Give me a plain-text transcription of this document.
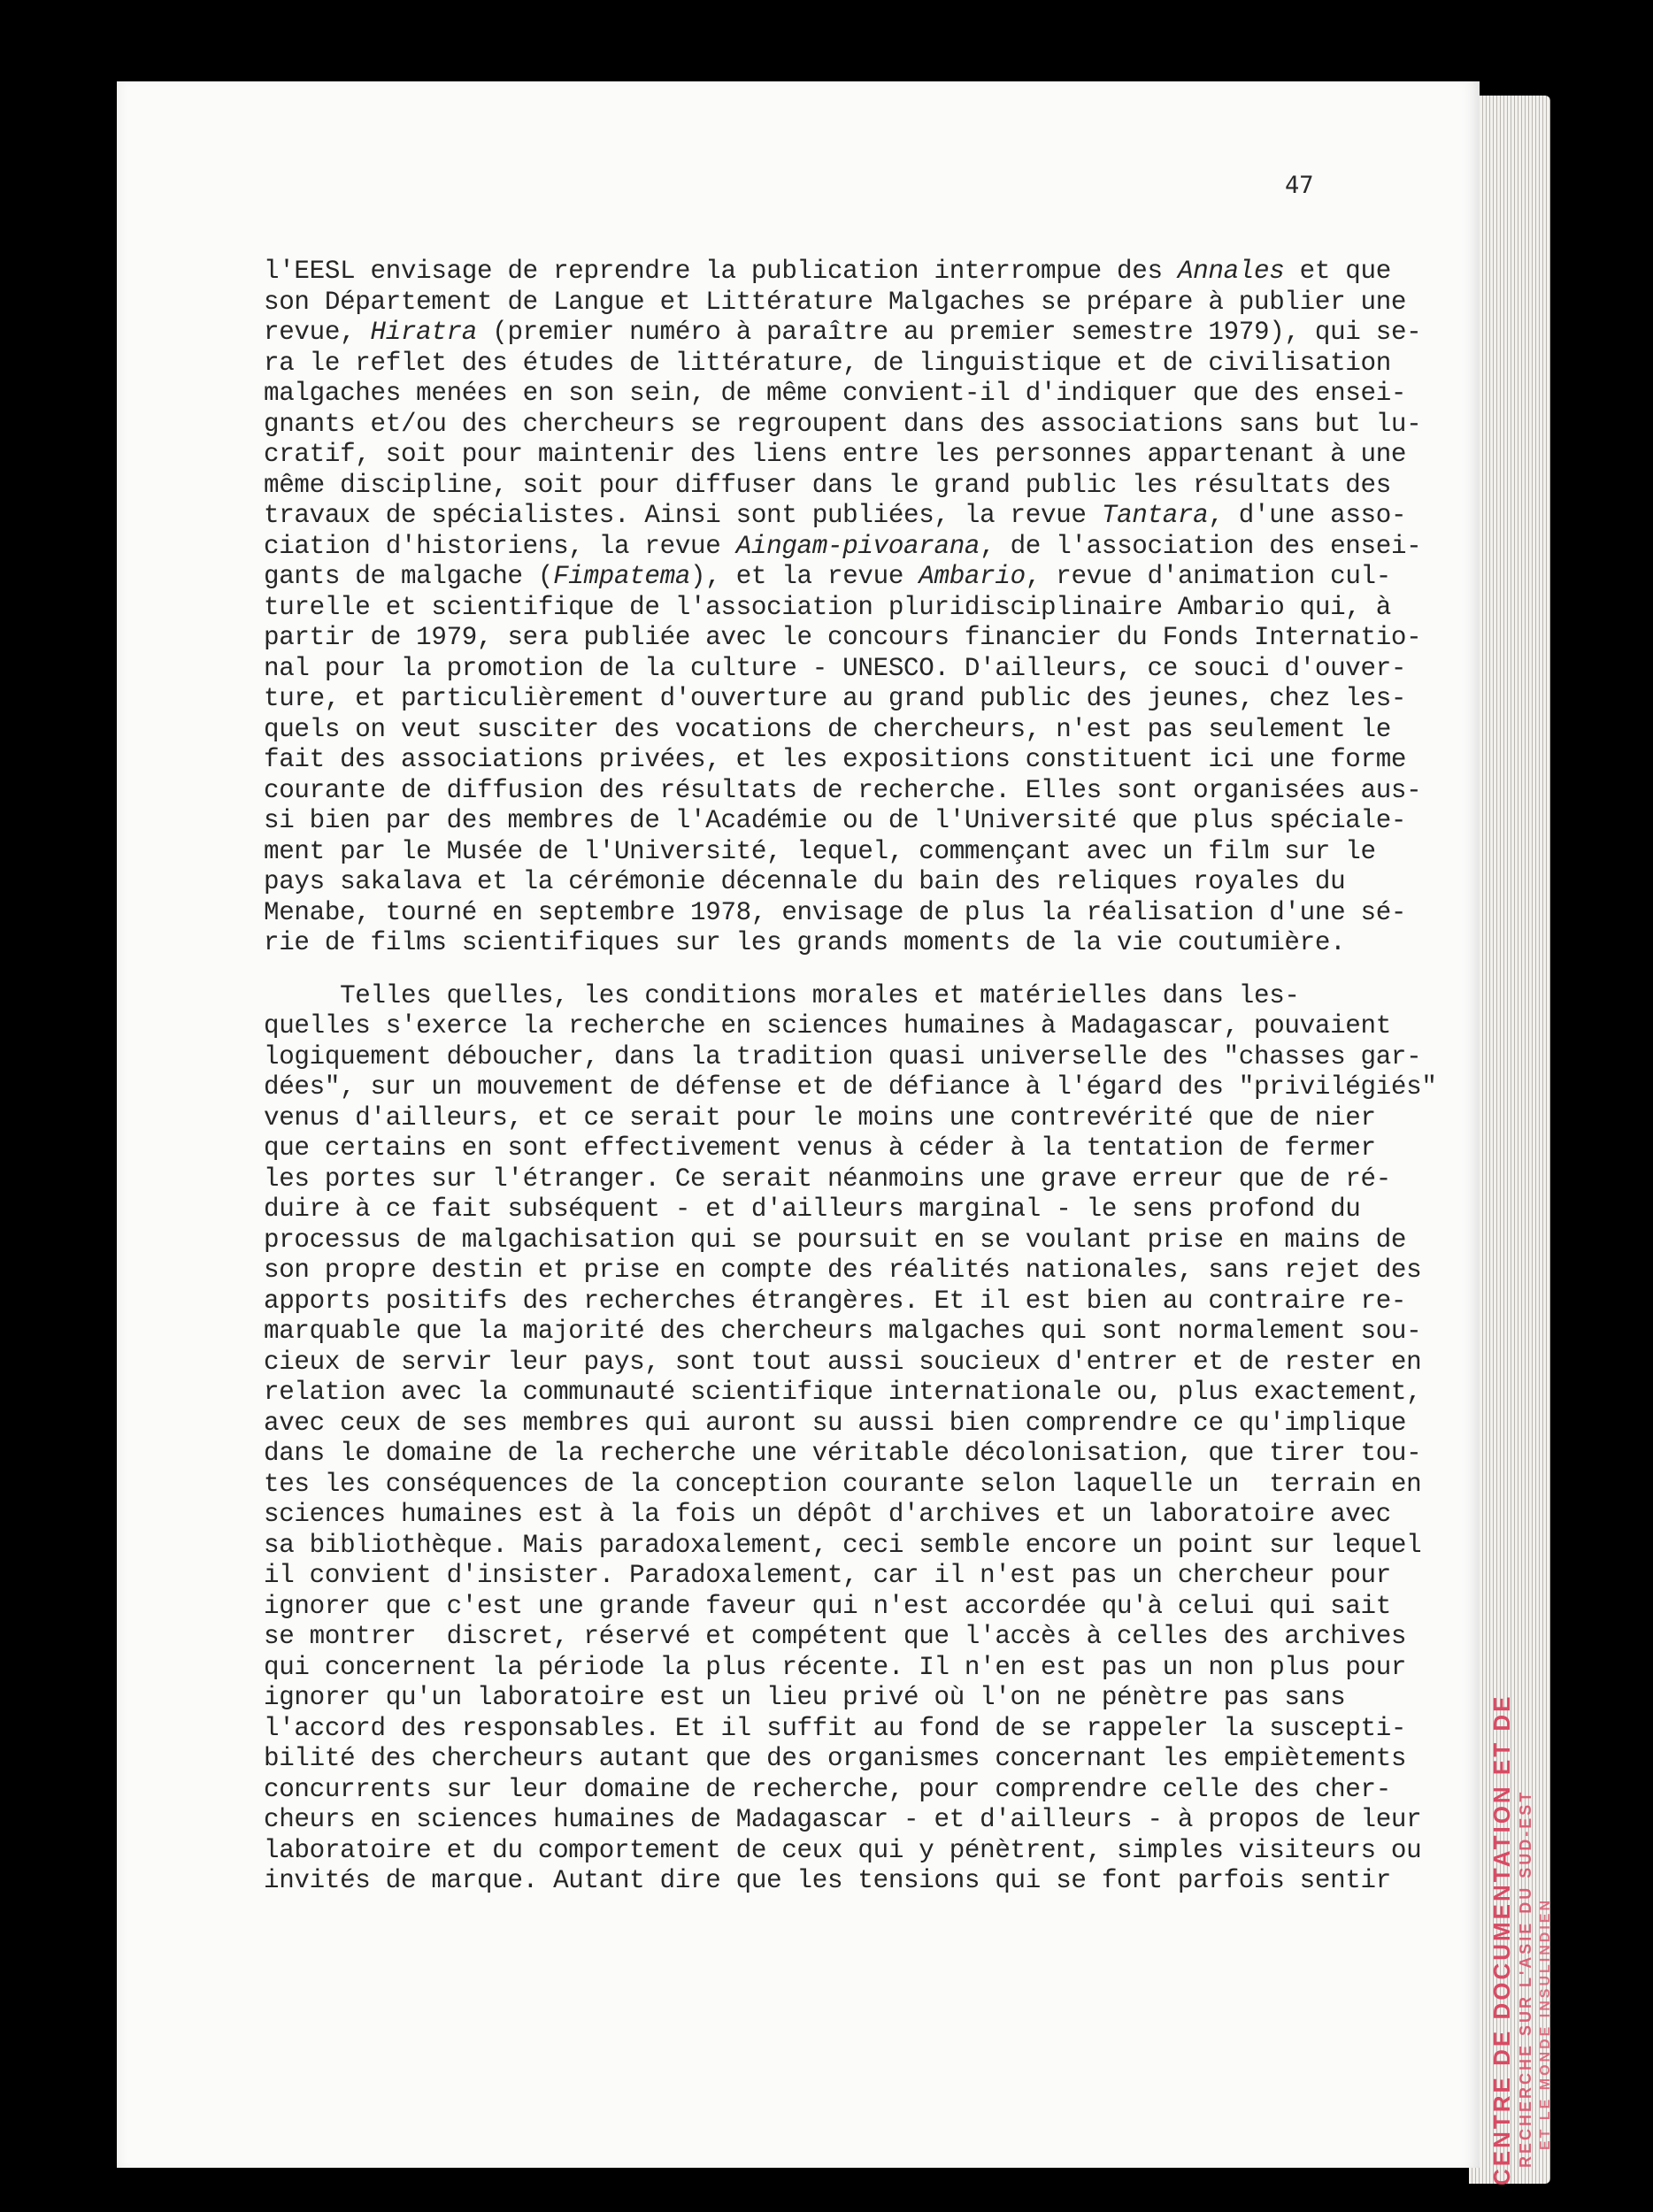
CENTRE DE DOCUMENTATION ET DE RECHERCHE SUR L'ASIE DU SUD-EST ET LE MONDE INSULINDIEN
47
l'EESL envisage de reprendre la publication interrompue des Annales et que
son Département de Langue et Littérature Malgaches se prépare à publier une
revue, Hiratra (premier numéro à paraître au premier semestre 1979), qui se-
ra le reflet des études de littérature, de linguistique et de civilisation
malgaches menées en son sein, de même convient-il d'indiquer que des ensei-
gnants et/ou des chercheurs se regroupent dans des associations sans but lu-
cratif, soit pour maintenir des liens entre les personnes appartenant à une
même discipline, soit pour diffuser dans le grand public les résultats des
travaux de spécialistes. Ainsi sont publiées, la revue Tantara, d'une asso-
ciation d'historiens, la revue Aingam-pivoarana, de l'association des ensei-
gants de malgache (Fimpatema), et la revue Ambario, revue d'animation cul-
turelle et scientifique de l'association pluridisciplinaire Ambario qui, à
partir de 1979, sera publiée avec le concours financier du Fonds Internatio-
nal pour la promotion de la culture - UNESCO. D'ailleurs, ce souci d'ouver-
ture, et particulièrement d'ouverture au grand public des jeunes, chez les-
quels on veut susciter des vocations de chercheurs, n'est pas seulement le
fait des associations privées, et les expositions constituent ici une forme
courante de diffusion des résultats de recherche. Elles sont organisées aus-
si bien par des membres de l'Académie ou de l'Université que plus spéciale-
ment par le Musée de l'Université, lequel, commençant avec un film sur le
pays sakalava et la cérémonie décennale du bain des reliques royales du
Menabe, tourné en septembre 1978, envisage de plus la réalisation d'une sé-
rie de films scientifiques sur les grands moments de la vie coutumière.
Telles quelles, les conditions morales et matérielles dans les-
quelles s'exerce la recherche en sciences humaines à Madagascar, pouvaient
logiquement déboucher, dans la tradition quasi universelle des "chasses gar-
dées", sur un mouvement de défense et de défiance à l'égard des "privilégiés"
venus d'ailleurs, et ce serait pour le moins une contrevérité que de nier
que certains en sont effectivement venus à céder à la tentation de fermer
les portes sur l'étranger. Ce serait néanmoins une grave erreur que de ré-
duire à ce fait subséquent - et d'ailleurs marginal - le sens profond du
processus de malgachisation qui se poursuit en se voulant prise en mains de
son propre destin et prise en compte des réalités nationales, sans rejet des
apports positifs des recherches étrangères. Et il est bien au contraire re-
marquable que la majorité des chercheurs malgaches qui sont normalement sou-
cieux de servir leur pays, sont tout aussi soucieux d'entrer et de rester en
relation avec la communauté scientifique internationale ou, plus exactement,
avec ceux de ses membres qui auront su aussi bien comprendre ce qu'implique
dans le domaine de la recherche une véritable décolonisation, que tirer tou-
tes les conséquences de la conception courante selon laquelle un  terrain en
sciences humaines est à la fois un dépôt d'archives et un laboratoire avec
sa bibliothèque. Mais paradoxalement, ceci semble encore un point sur lequel
il convient d'insister. Paradoxalement, car il n'est pas un chercheur pour
ignorer que c'est une grande faveur qui n'est accordée qu'à celui qui sait
se montrer  discret, réservé et compétent que l'accès à celles des archives
qui concernent la période la plus récente. Il n'en est pas un non plus pour
ignorer qu'un laboratoire est un lieu privé où l'on ne pénètre pas sans
l'accord des responsables. Et il suffit au fond de se rappeler la suscepti-
bilité des chercheurs autant que des organismes concernant les empiètements
concurrents sur leur domaine de recherche, pour comprendre celle des cher-
cheurs en sciences humaines de Madagascar - et d'ailleurs - à propos de leur
laboratoire et du comportement de ceux qui y pénètrent, simples visiteurs ou
invités de marque. Autant dire que les tensions qui se font parfois sentir
